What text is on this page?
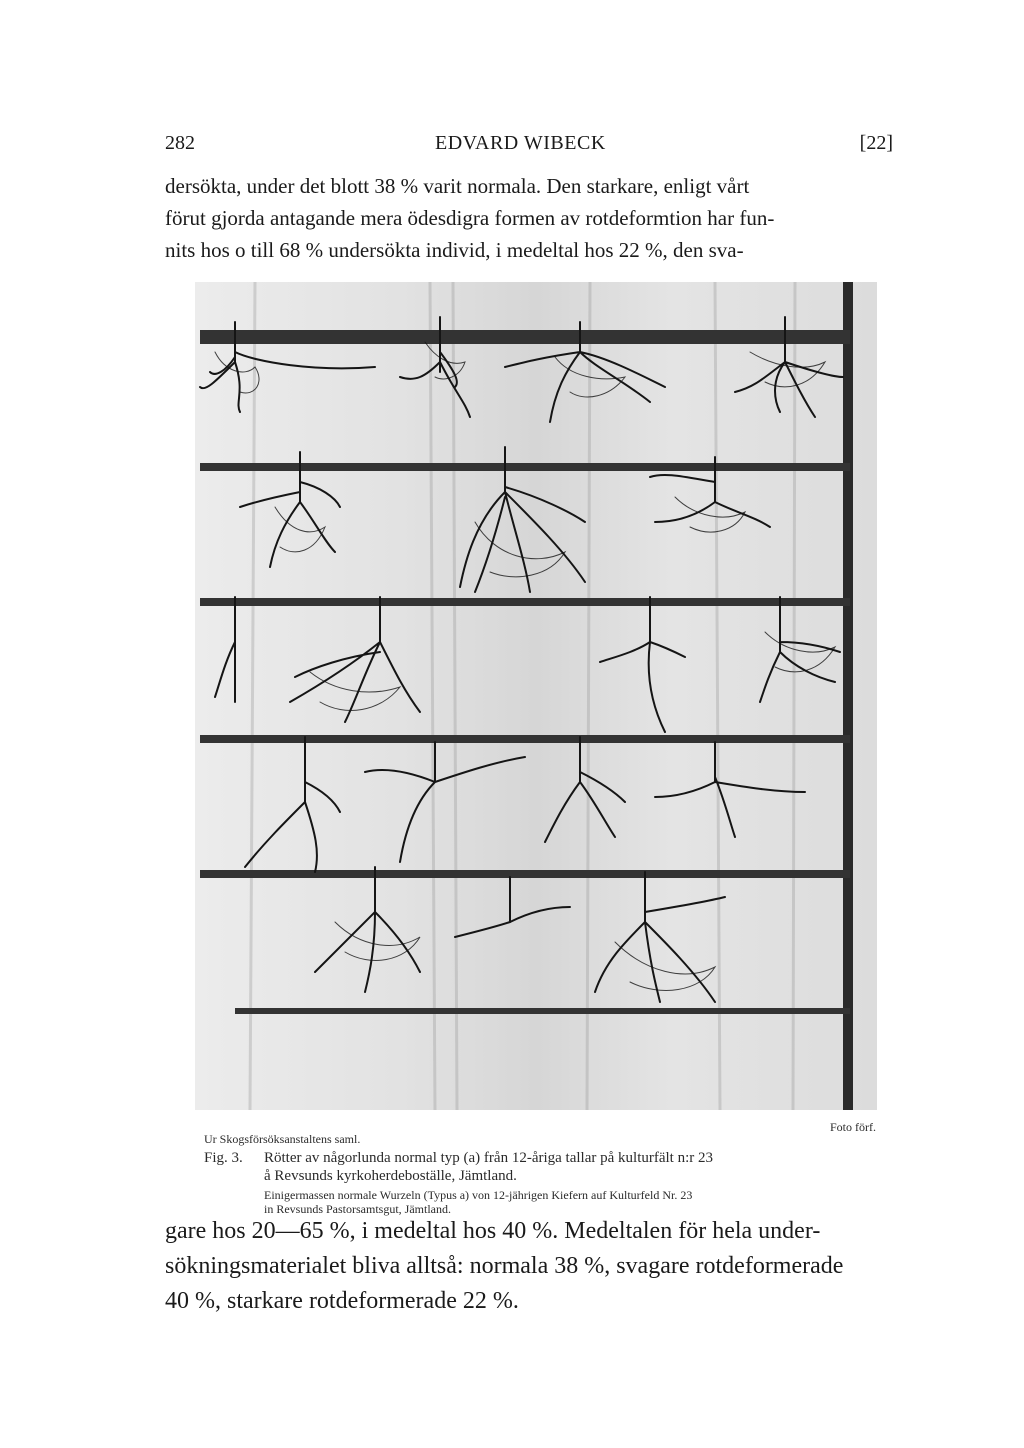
282	EDVARD WIBECK	[22]
dersökta, under det blott 38 % varit normala. Den starkare, enligt vårt
förut gjorda antagande mera ödesdigra formen av rotdeformtion har fun-
nits hos o till 68 % undersökta individ, i medeltal hos 22 %, den sva-
Foto förf.
Ur Skogsförsöksanstaltens saml.
Fig. 3. Rötter av någorlunda normal typ (a) från 12-åriga tallar på kulturfält n:r 23
å Revsunds kyrkoherdeboställe, Jämtland.
Einigermassen normale Wurzeln (Typus a) von 12-jährigen Kiefern auf Kulturfeld Nr. 23
in Revsunds Pastorsamtsgut, Jämtland.
gare hos 20—65 %, i medeltal hos 40 %. Medeltalen för hela under-
sökningsmaterialet bliva alltså: normala 38 %, svagare rotdeformerade
40 %, starkare rotdeformerade 22 %.
